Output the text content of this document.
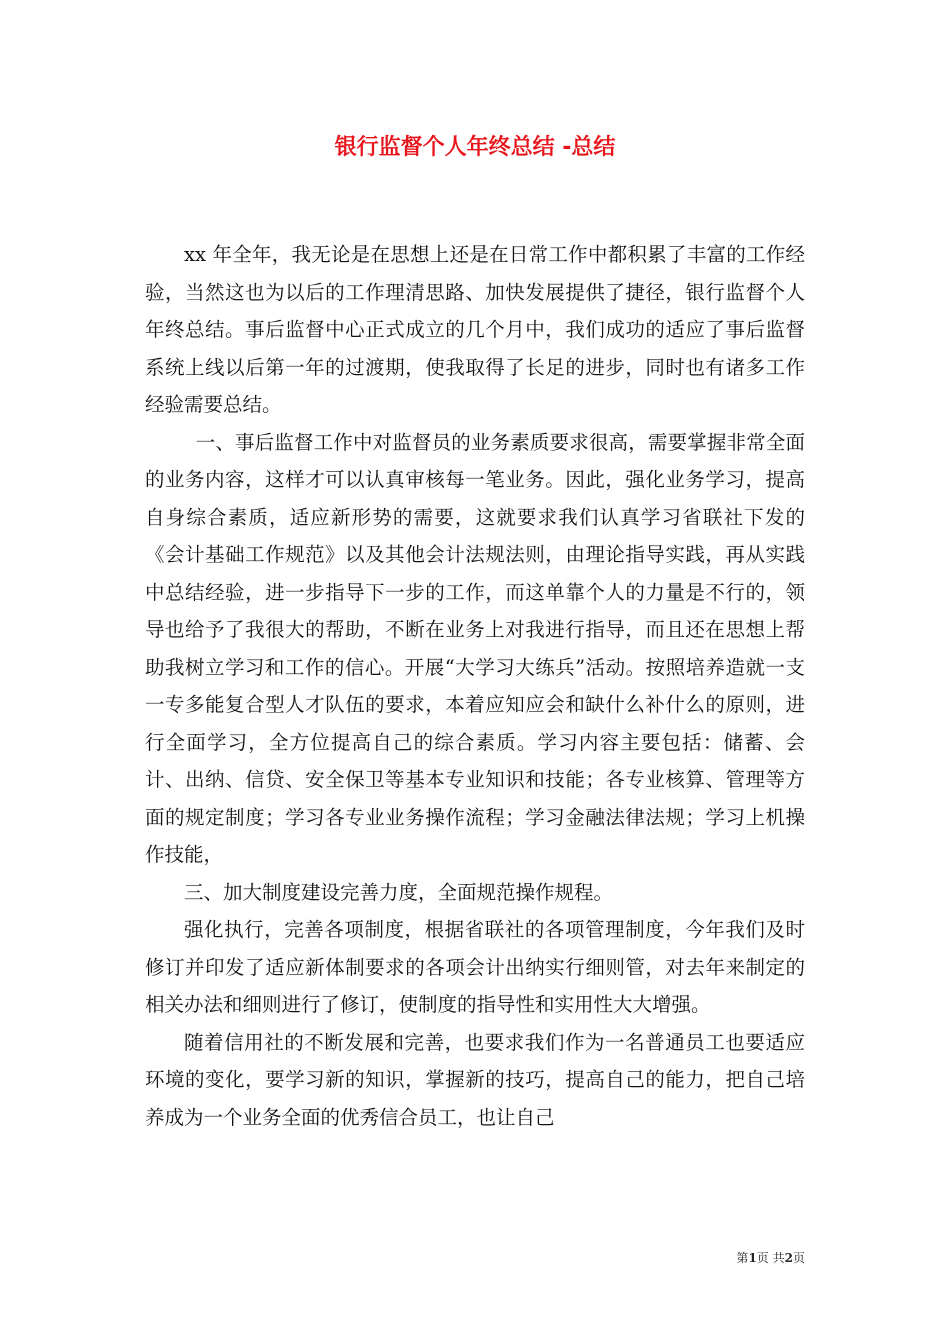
银行监督个人年终总结 -总结

xx 年全年，我无论是在思想上还是在日常工作中都积累了丰富的工作经验，当然这也为以后的工作理清思路、加快发展提供了捷径，银行监督个人年终总结。事后监督中心正式成立的几个月中，我们成功的适应了事后监督系统上线以后第一年的过渡期，使我取得了长足的进步，同时也有诸多工作经验需要总结。

一、事后监督工作中对监督员的业务素质要求很高，需要掌握非常全面的业务内容，这样才可以认真审核每一笔业务。因此，强化业务学习，提高自身综合素质，适应新形势的需要，这就要求我们认真学习省联社下发的《会计基础工作规范》以及其他会计法规法则，由理论指导实践，再从实践中总结经验，进一步指导下一步的工作，而这单靠个人的力量是不行的，领导也给予了我很大的帮助，不断在业务上对我进行指导，而且还在思想上帮助我树立学习和工作的信心。开展“大学习大练兵”活动。按照培养造就一支一专多能复合型人才队伍的要求，本着应知应会和缺什么补什么的原则，进行全面学习，全方位提高自己的综合素质。学习内容主要包括：储蓄、会计、出纳、信贷、安全保卫等基本专业知识和技能；各专业核算、管理等方面的规定制度；学习各专业业务操作流程；学习金融法律法规；学习上机操作技能，

三、加大制度建设完善力度，全面规范操作规程。

强化执行，完善各项制度，根据省联社的各项管理制度，今年我们及时修订并印发了适应新体制要求的各项会计出纳实行细则管，对去年来制定的相关办法和细则进行了修订，使制度的指导性和实用性大大增强。

随着信用社的不断发展和完善，也要求我们作为一名普通员工也要适应环境的变化，要学习新的知识，掌握新的技巧，提高自己的能力，把自己培养成为一个业务全面的优秀信合员工，也让自己

第1页 共2页
